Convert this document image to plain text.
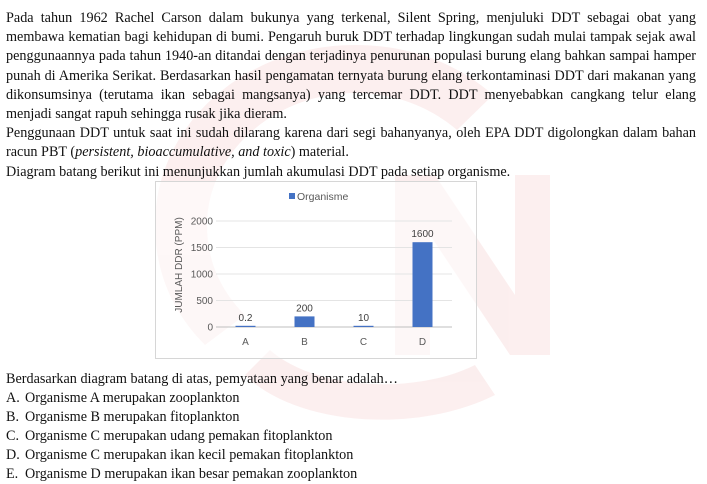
Pada tahun 1962 Rachel Carson dalam bukunya yang terkenal, Silent Spring, menjuluki DDT sebagai obat yang membawa kematian bagi kehidupan di bumi. Pengaruh buruk DDT terhadap lingkungan sudah mulai tampak sejak awal penggunaannya pada tahun 1940-an ditandai dengan terjadinya penurunan populasi burung elang bahkan sampai hamper punah di Amerika Serikat. Berdasarkan hasil pengamatan ternyata burung elang terkontaminasi DDT dari makanan yang dikonsumsinya (terutama ikan sebagai mangsanya) yang tercemar DDT. DDT menyebabkan cangkang telur elang menjadi sangat rapuh sehingga rusak jika dieram.

Penggunaan DDT untuk saat ini sudah dilarang karena dari segi bahanyanya, oleh EPA DDT digolongkan dalam bahan racun PBT (persistent, bioaccumulative, and toxic) material.

Diagram batang berikut ini menunjukkan jumlah akumulasi DDT pada setiap organisme.

Organisme
JUMLAH DDR (PPM)
0
500
1000
1500
2000
0.2
200
10
1600
A	B	C	D

Berdasarkan diagram batang di atas, pemyataan yang benar adalah…

A. Organisme A merupakan zooplankton

B. Organisme B merupakan fitoplankton

C. Organisme C merupakan udang pemakan fitoplankton

D. Organisme C merupakan ikan kecil pemakan fitoplankton

E. Organisme D merupakan ikan besar pemakan zooplankton
